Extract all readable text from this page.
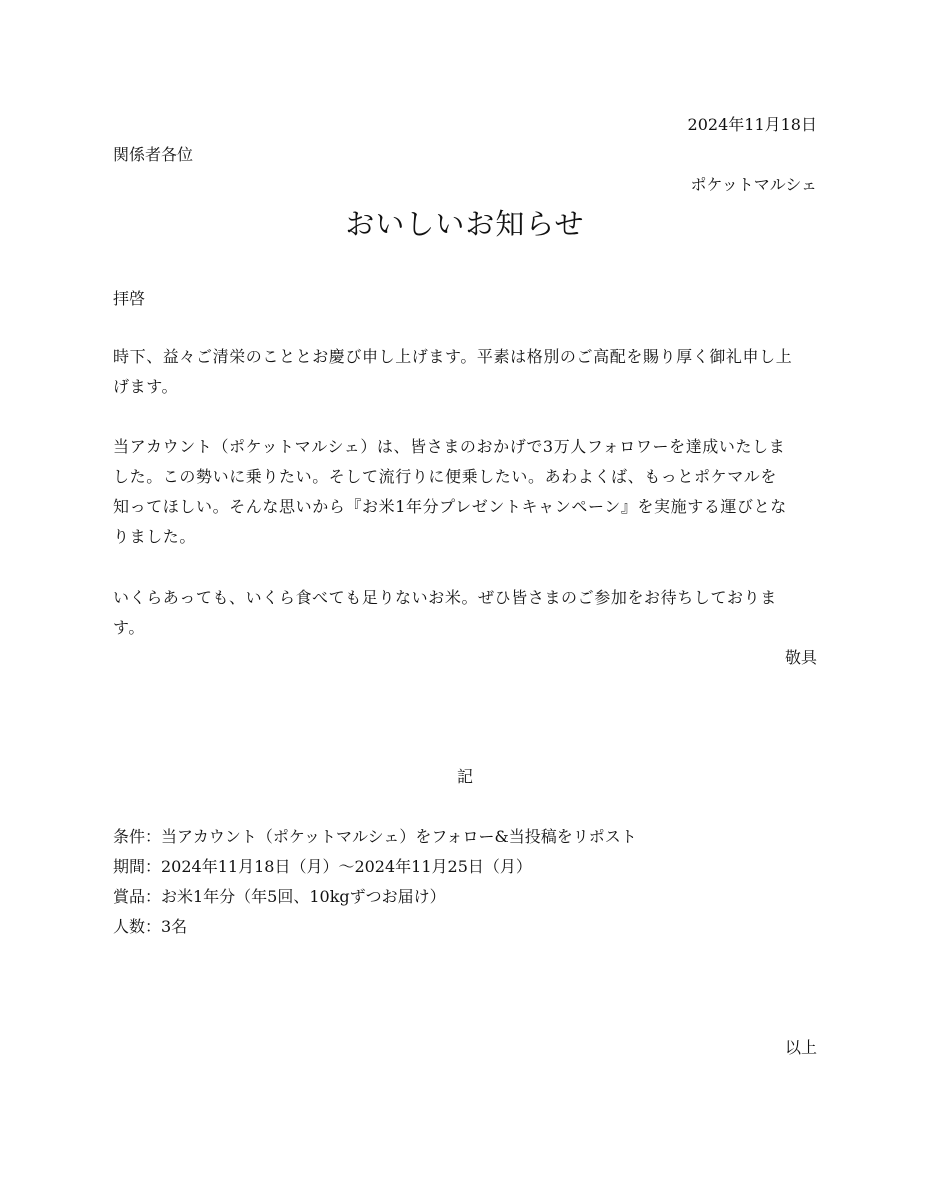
2024年11月18日
関係者各位
ポケットマルシェ
おいしいお知らせ
拝啓
時下、益々ご清栄のこととお慶び申し上げます。平素は格別のご高配を賜り厚く御礼申し上
げます。
当アカウント（ポケットマルシェ）は、皆さまのおかげで3万人フォロワーを達成いたしま
した。この勢いに乗りたい。そして流行りに便乗したい。あわよくば、もっとポケマルを
知ってほしい。そんな思いから『お米1年分プレゼントキャンペーン』を実施する運びとな
りました。
いくらあっても、いくら食べても足りないお米。ぜひ皆さまのご参加をお待ちしておりま
す。
敬具
記
条件：当アカウント（ポケットマルシェ）をフォロー&当投稿をリポスト
期間：2024年11月18日（月）〜2024年11月25日（月）
賞品：お米1年分（年5回、10kgずつお届け）
人数：3名
以上
